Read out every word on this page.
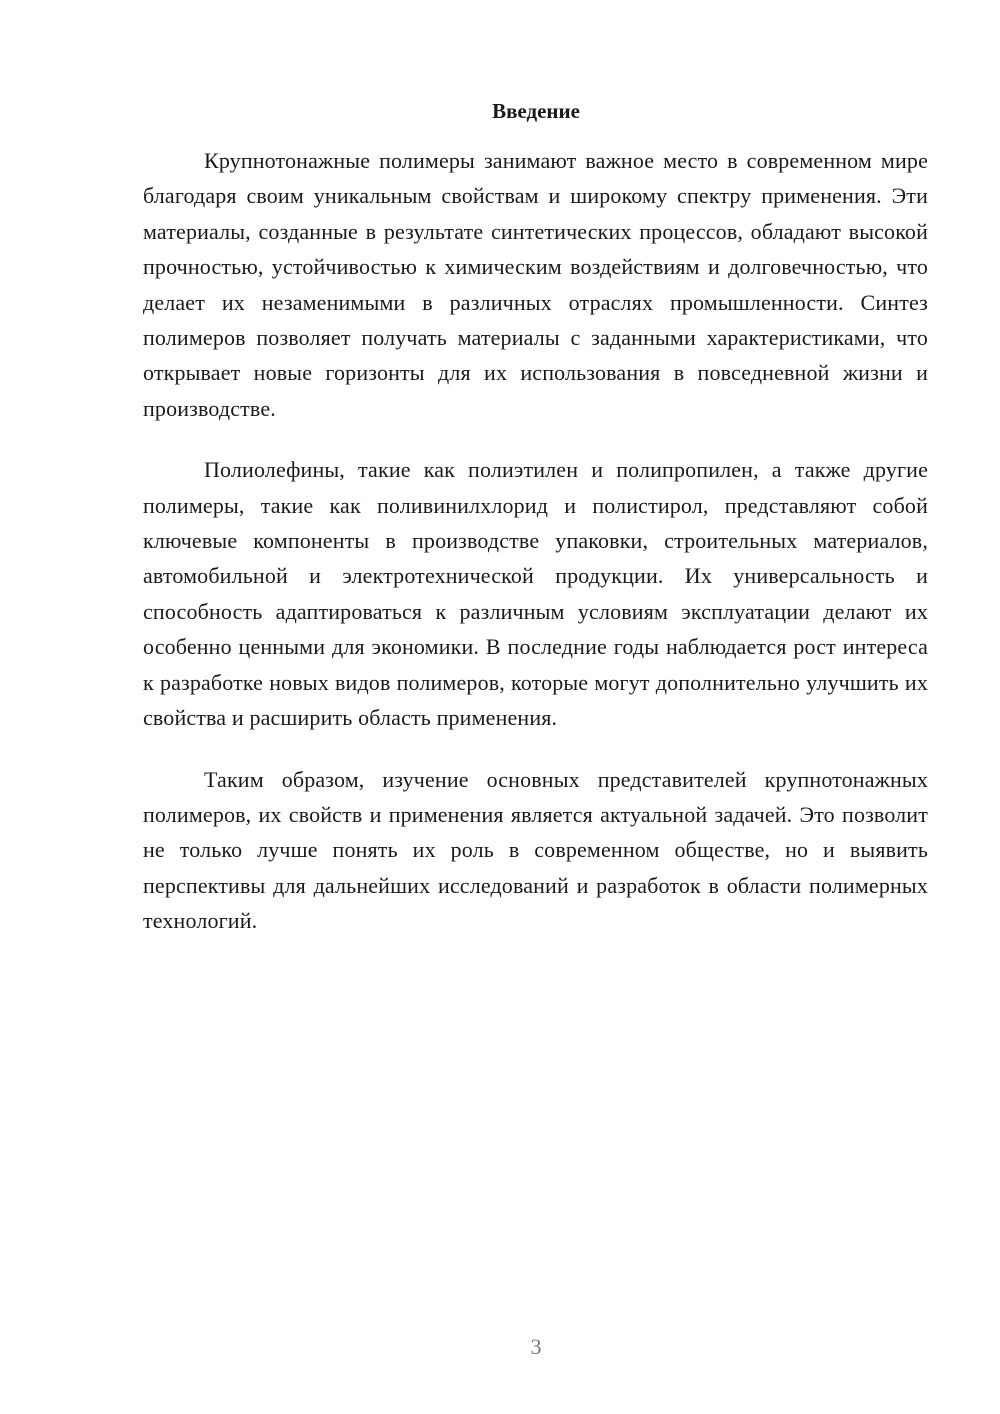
Введение

Крупнотонажные полимеры занимают важное место в современном мире благодаря своим уникальным свойствам и широкому спектру применения. Эти материалы, созданные в результате синтетических процессов, обладают высокой прочностью, устойчивостью к химическим воздействиям и долговечностью, что делает их незаменимыми в различных отраслях промышленности. Синтез полимеров позволяет получать материалы с заданными характеристиками, что открывает новые горизонты для их использования в повседневной жизни и производстве.

Полиолефины, такие как полиэтилен и полипропилен, а также другие полимеры, такие как поливинилхлорид и полистирол, представляют собой ключевые компоненты в производстве упаковки, строительных материалов, автомобильной и электротехнической продукции. Их универсальность и способность адаптироваться к различным условиям эксплуатации делают их особенно ценными для экономики. В последние годы наблюдается рост интереса к разработке новых видов полимеров, которые могут дополнительно улучшить их свойства и расширить область применения.

Таким образом, изучение основных представителей крупнотонажных полимеров, их свойств и применения является актуальной задачей. Это позволит не только лучше понять их роль в современном обществе, но и выявить перспективы для дальнейших исследований и разработок в области полимерных технологий.

3
